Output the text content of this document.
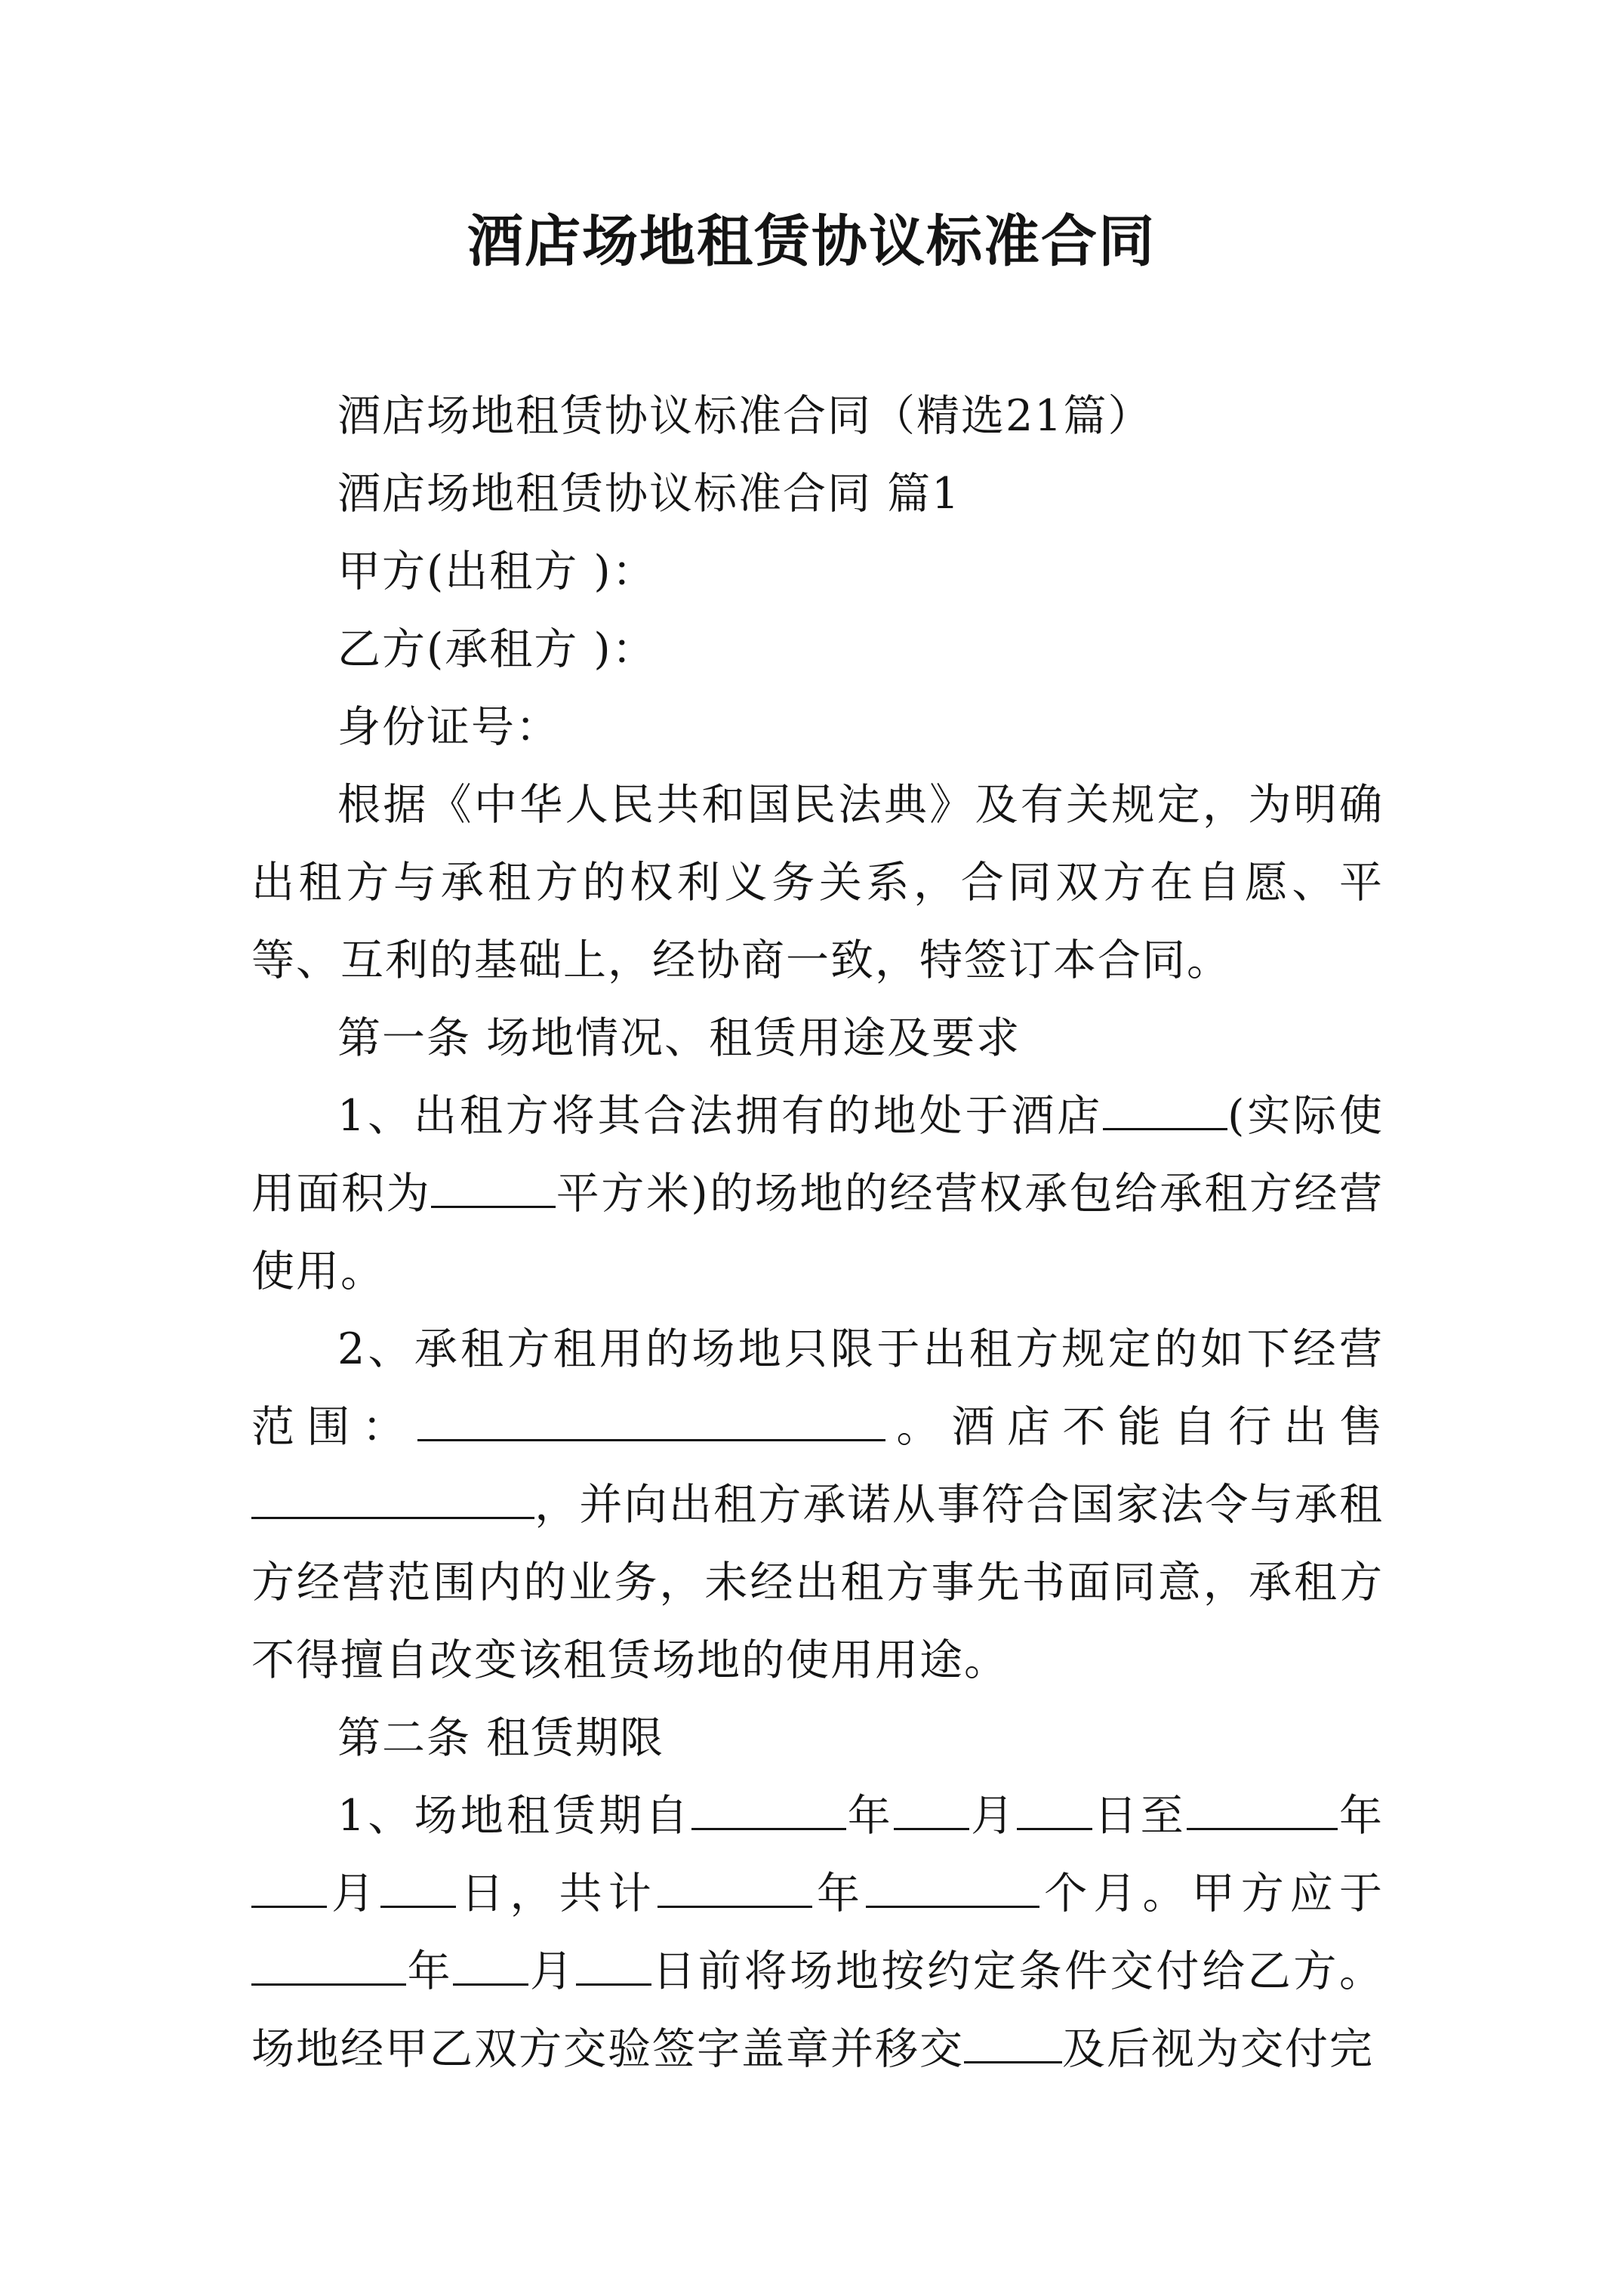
酒店场地租赁协议标准合同

酒店场地租赁协议标准合同（精选21篇）

酒店场地租赁协议标准合同 篇1

甲方(出租方 )：

乙方(承租方 )：

身份证号：

根据《中华人民共和国民法典》及有关规定，为明确出租方与承租方的权利义务关系，合同双方在自愿、平等、互利的基础上，经协商一致，特签订本合同。

第一条 场地情况、租赁用途及要求

1、出租方将其合法拥有的地处于酒店	(实际使用面积为	平方米)的场地的经营权承包给承租方经营使用。

2、承租方租用的场地只限于出租方规定的如下经营范围：	。酒店不能自行出售，并向出租方承诺从事符合国家法令与承租方经营范围内的业务，未经出租方事先书面同意，承租方不得擅自改变该租赁场地的使用用途。

第二条 租赁期限

1、场地租赁期自	年 月 日至	年月 日，共计	年	个月。甲方应于年 月 日前将场地按约定条件交付给乙方。场地经甲乙双方交验签字盖章并移交 及后视为交付完
